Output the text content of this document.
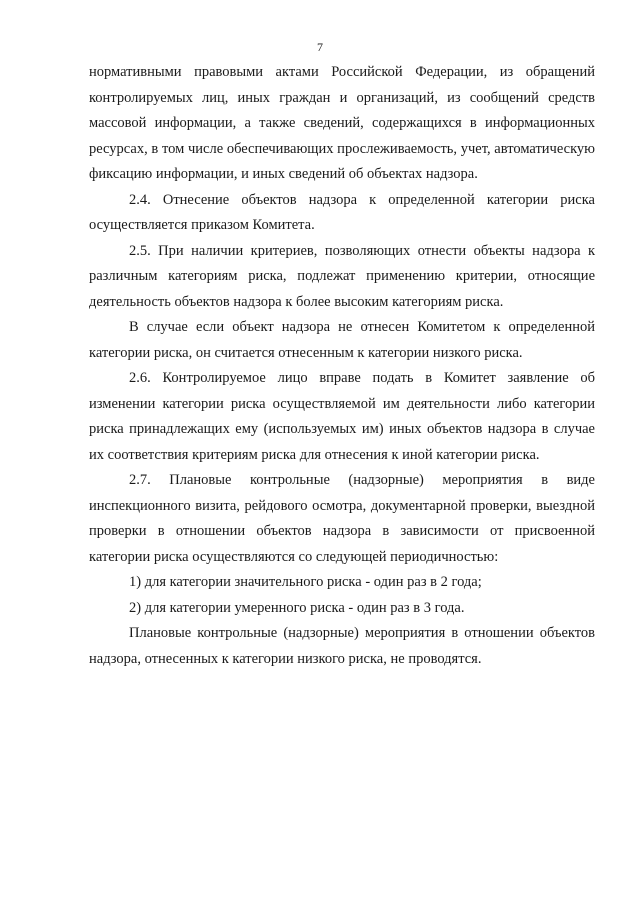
7

нормативными правовыми актами Российской Федерации, из обращений контролируемых лиц, иных граждан и организаций, из сообщений средств массовой информации, а также сведений, содержащихся в информационных ресурсах, в том числе обеспечивающих прослеживаемость, учет, автоматическую фиксацию информации, и иных сведений об объектах надзора.

2.4. Отнесение объектов надзора к определенной категории риска осуществляется приказом Комитета.

2.5. При наличии критериев, позволяющих отнести объекты надзора к различным категориям риска, подлежат применению критерии, относящие деятельность объектов надзора к более высоким категориям риска.

В случае если объект надзора не отнесен Комитетом к определенной категории риска, он считается отнесенным к категории низкого риска.

2.6. Контролируемое лицо вправе подать в Комитет заявление об изменении категории риска осуществляемой им деятельности либо категории риска принадлежащих ему (используемых им) иных объектов надзора в случае их соответствия критериям риска для отнесения к иной категории риска.

2.7. Плановые контрольные (надзорные) мероприятия в виде инспекционного визита, рейдового осмотра, документарной проверки, выездной проверки в отношении объектов надзора в зависимости от присвоенной категории риска осуществляются со следующей периодичностью:

1) для категории значительного риска - один раз в 2 года;

2) для категории умеренного риска - один раз в 3 года.

Плановые контрольные (надзорные) мероприятия в отношении объектов надзора, отнесенных к категории низкого риска, не проводятся.
